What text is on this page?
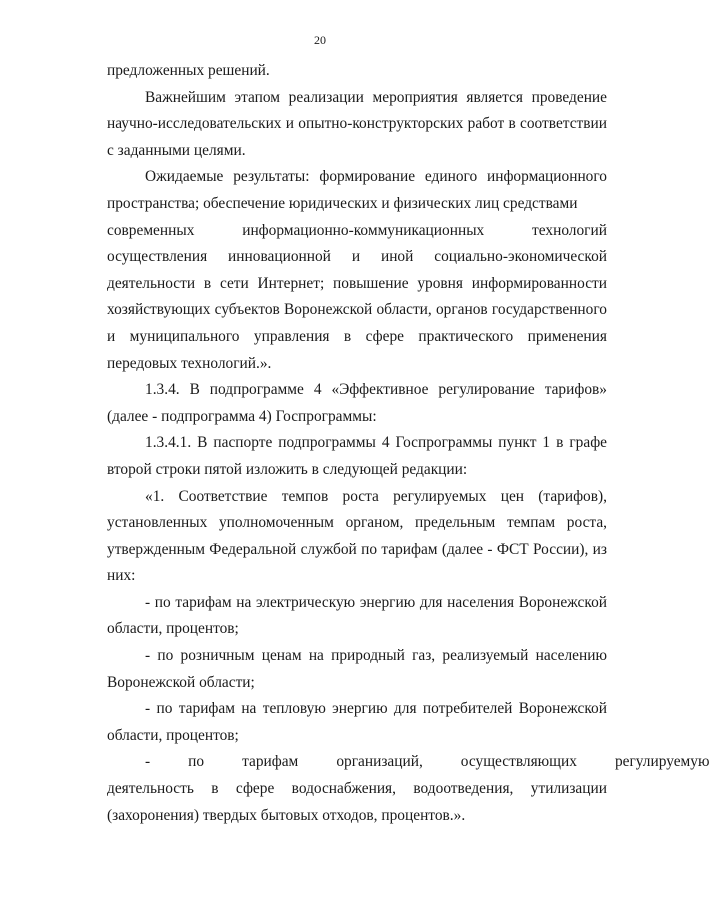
20

предложенных решений.

Важнейшим этапом реализации мероприятия является проведение научно-исследовательских и опытно-конструкторских работ в соответствии с заданными целями.

Ожидаемые результаты: формирование единого информационного пространства; обеспечение юридических и физических лиц средствами

современных	информационно-коммуникационных	технологий

осуществления инновационной и иной социально-экономической

деятельности в сети Интернет; повышение уровня информированности хозяйствующих субъектов Воронежской области, органов государственного и муниципального управления в сфере практического применения передовых технологий.».

1.3.4. В подпрограмме 4 «Эффективное регулирование тарифов» (далее - подпрограмма 4) Госпрограммы:

1.3.4.1. В паспорте подпрограммы 4 Госпрограммы пункт 1 в графе второй строки пятой изложить в следующей редакции:

«1. Соответствие темпов роста регулируемых цен (тарифов), установленных уполномоченным органом, предельным темпам роста, утвержденным Федеральной службой по тарифам (далее - ФСТ России), из них:

- по тарифам на электрическую энергию для населения Воронежской области, процентов;

- по розничным ценам на природный газ, реализуемый населению Воронежской области;

- по тарифам на тепловую энергию для потребителей Воронежской области, процентов;

-	по	тарифам	организаций,	осуществляющих	регулируемую

деятельность в сфере водоснабжения, водоотведения, утилизации

(захоронения) твердых бытовых отходов, процентов.».
